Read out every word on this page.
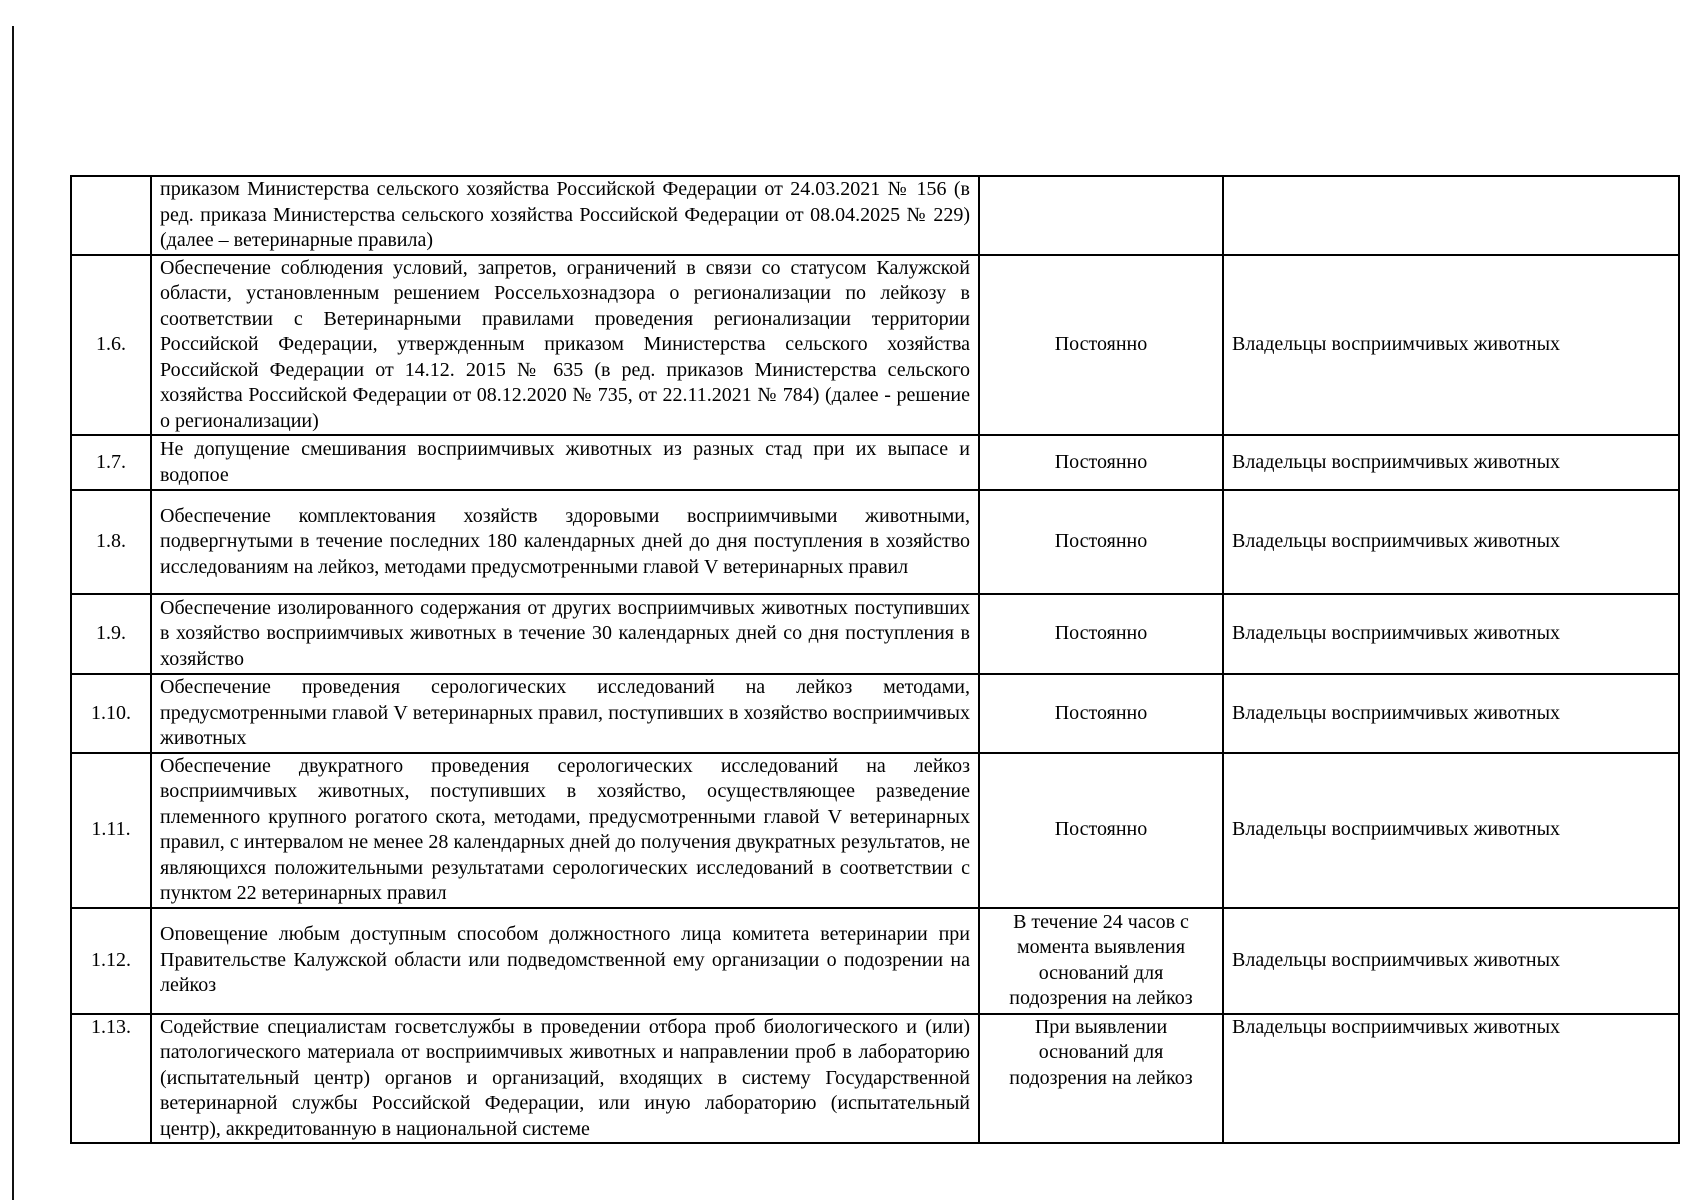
	приказом Министерства сельского хозяйства Российской Федерации от 24.03.2021 № 156 (в ред. приказа Министерства сельского хозяйства Российской Федерации от 08.04.2025 № 229) (далее – ветеринарные правила)		
1.6.	Обеспечение соблюдения условий, запретов, ограничений в связи со статусом Калужской области, установленным решением Россельхознадзора о регионализации по лейкозу в соответствии с Ветеринарными правилами проведения регионализации территории Российской Федерации, утвержденным приказом Министерства сельского хозяйства Российской Федерации от 14.12. 2015 № 635 (в ред. приказов Министерства сельского хозяйства Российской Федерации от 08.12.2020 № 735, от 22.11.2021 № 784) (далее - решение о регионализации)	Постоянно	Владельцы восприимчивых животных
1.7.	Не допущение смешивания восприимчивых животных из разных стад при их выпасе и водопое	Постоянно	Владельцы восприимчивых животных
1.8.	Обеспечение комплектования хозяйств здоровыми восприимчивыми животными, подвергнутыми в течение последних 180 календарных дней до дня поступления в хозяйство исследованиям на лейкоз, методами предусмотренными главой V ветеринарных правил	Постоянно	Владельцы восприимчивых животных
1.9.	Обеспечение изолированного содержания от других восприимчивых животных поступивших в хозяйство восприимчивых животных в течение 30 календарных дней со дня поступления в хозяйство	Постоянно	Владельцы восприимчивых животных
1.10.	Обеспечение проведения серологических исследований на лейкоз методами, предусмотренными главой V ветеринарных правил, поступивших в хозяйство восприимчивых животных	Постоянно	Владельцы восприимчивых животных
1.11.	Обеспечение двукратного проведения серологических исследований на лейкоз восприимчивых животных, поступивших в хозяйство, осуществляющее разведение племенного крупного рогатого скота, методами, предусмотренными главой V ветеринарных правил, с интервалом не менее 28 календарных дней до получения двукратных результатов, не являющихся положительными результатами серологических исследований в соответствии с пунктом 22 ветеринарных правил	Постоянно	Владельцы восприимчивых животных
1.12.	Оповещение любым доступным способом должностного лица комитета ветеринарии при Правительстве Калужской области или подведомственной ему организации о подозрении на лейкоз	В течение 24 часов с момента выявления оснований для подозрения на лейкоз	Владельцы восприимчивых животных
1.13.	Содействие специалистам госветслужбы в проведении отбора проб биологического и (или) патологического материала от восприимчивых животных и направлении проб в лабораторию (испытательный центр) органов и организаций, входящих в систему Государственной ветеринарной службы Российской Федерации, или иную лабораторию (испытательный центр), аккредитованную в национальной системе	При выявлении оснований для подозрения на лейкоз	Владельцы восприимчивых животных
